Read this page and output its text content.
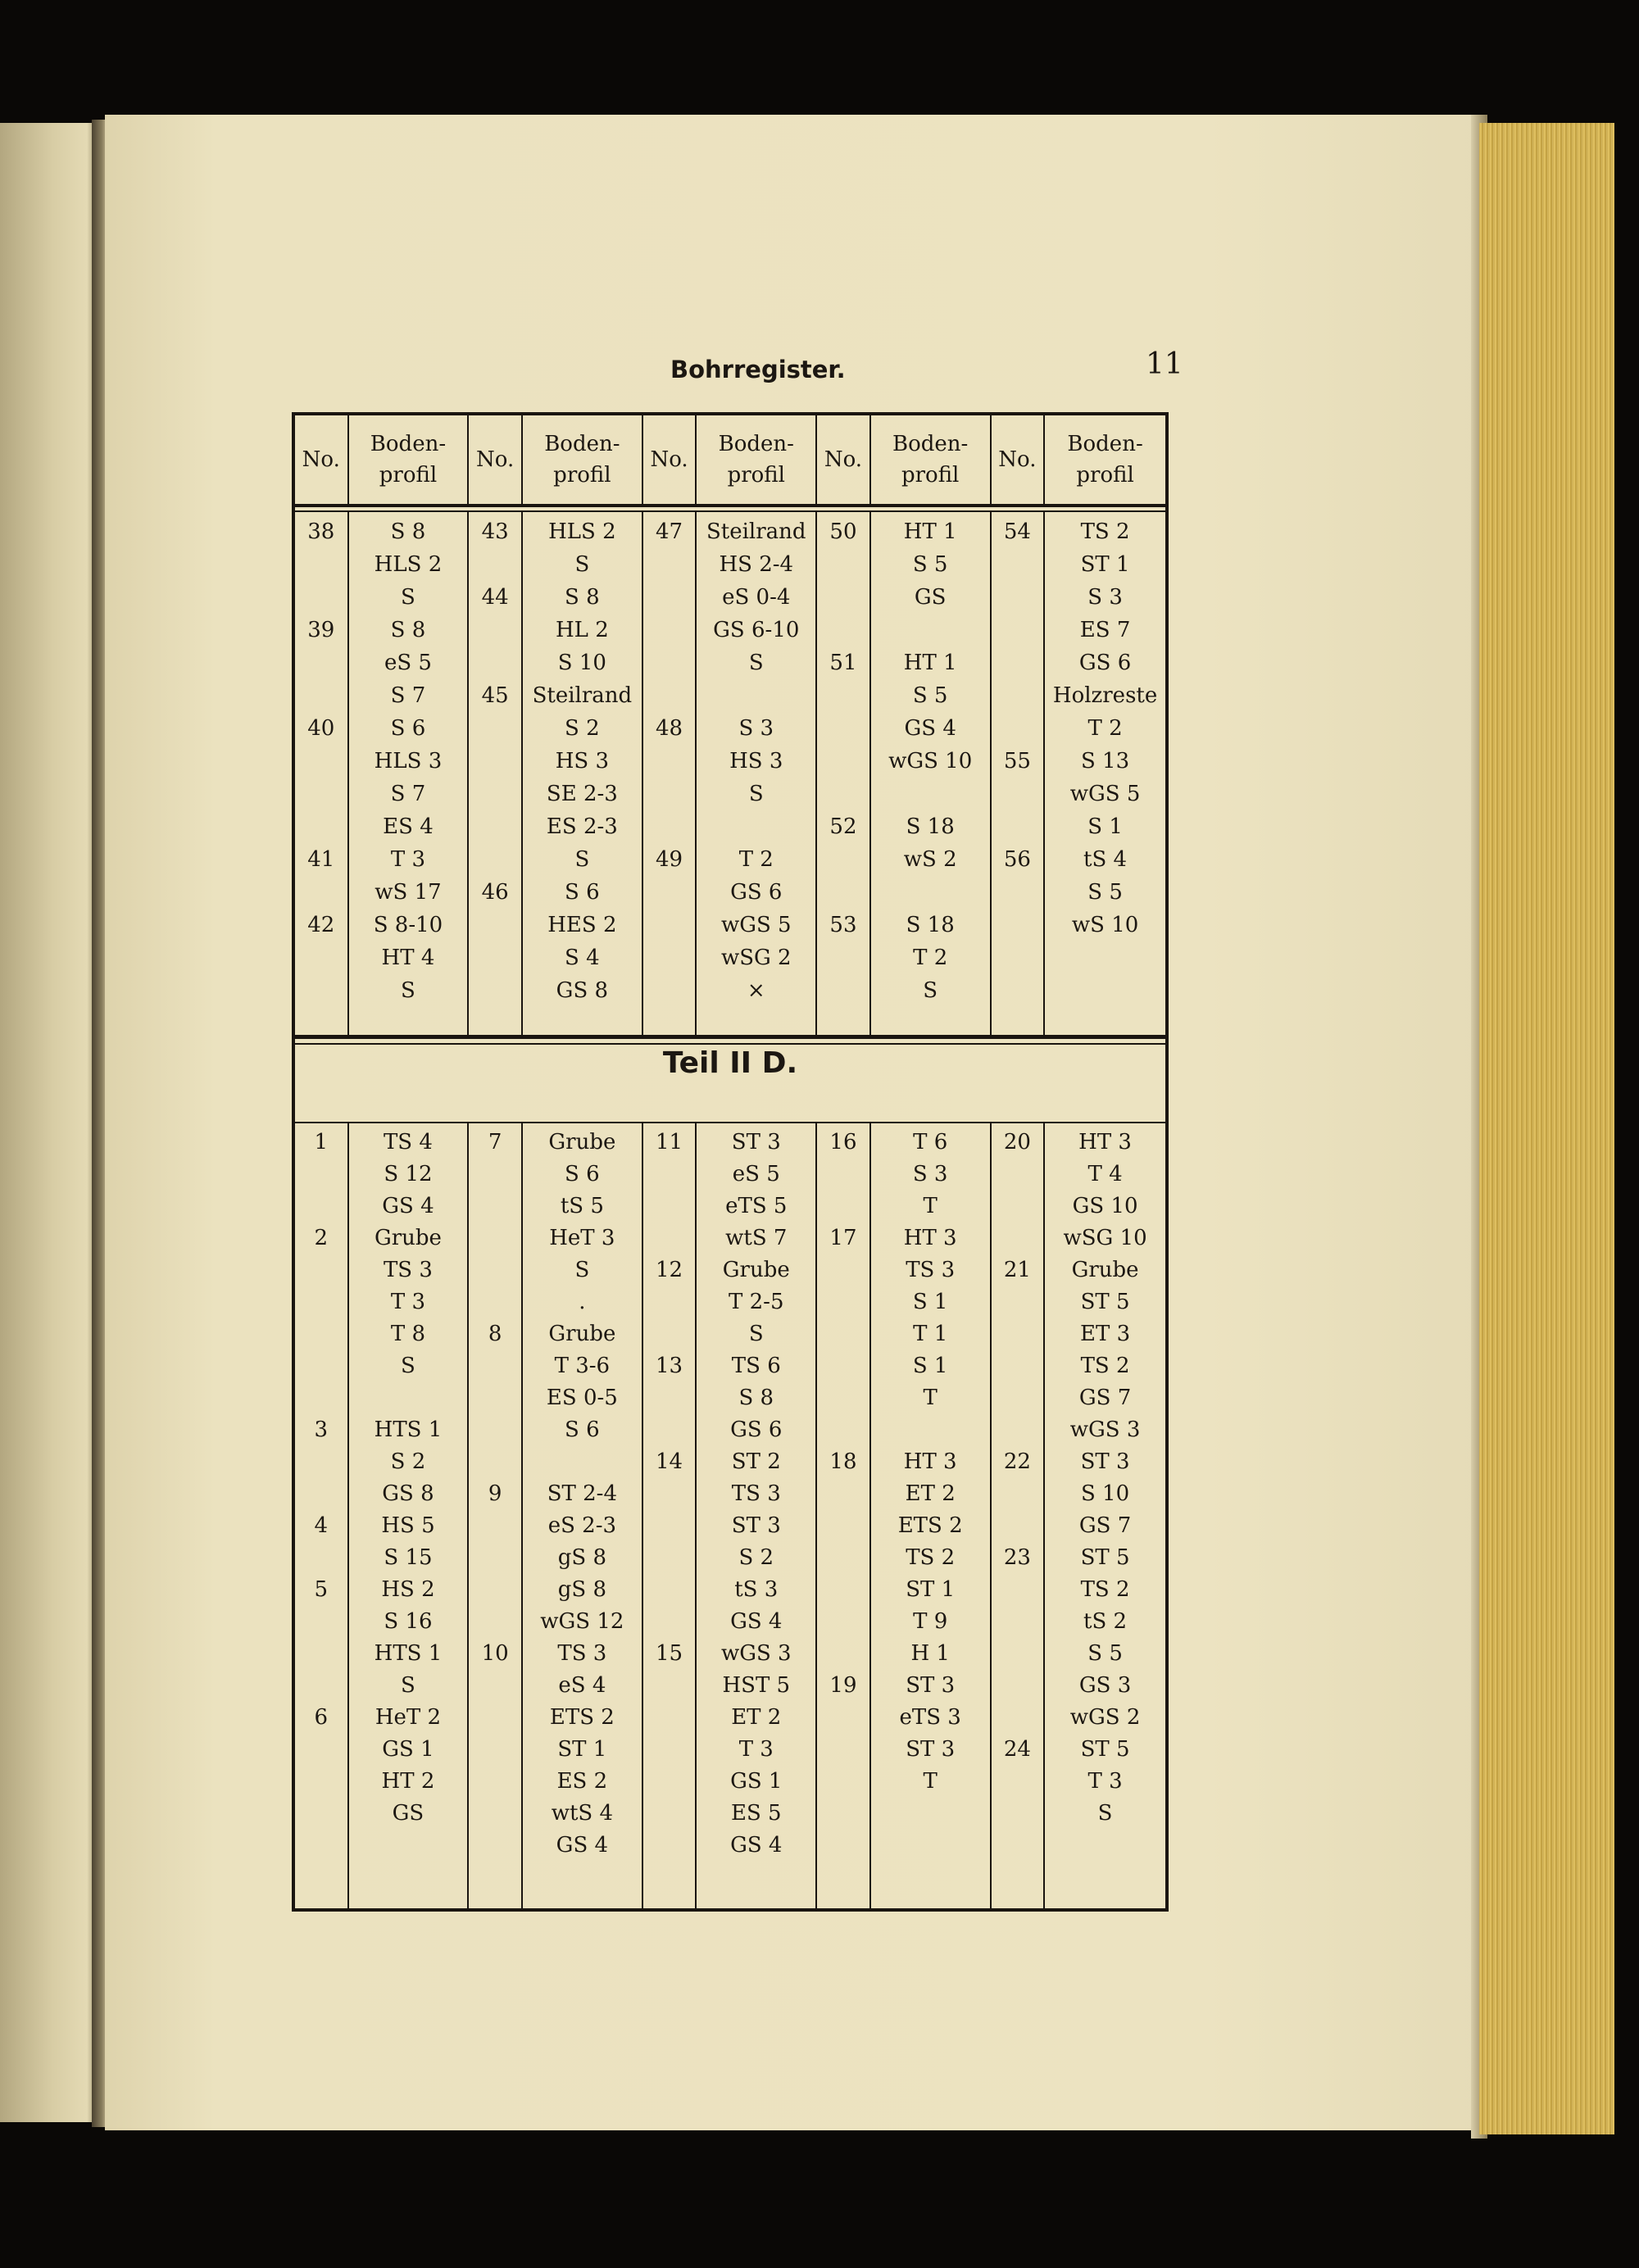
Bohrregister.	11
No.
Boden-
profil
No.
Boden-
profil
No.
Boden-
profil
No.
Boden-
profil
No.
Boden-
profil
38
39
40
41
42
S 8
HLS 2
S
S 8
eS 5
S 7
S 6
HLS 3
S 7
ES 4
T 3
wS 17
S 8-10
HT 4
S
43
44
45
46
HLS 2
S
S 8
HL 2
S 10
Steilrand
S 2
HS 3
SE 2-3
ES 2-3
S
S 6
HES 2
S 4
GS 8
47
48
49
Steilrand
HS 2-4
eS 0-4
GS 6-10
S
S 3
HS 3
S
T 2
GS 6
wGS 5
wSG 2
×
50
51
52
53
HT 1
S 5
GS
HT 1
S 5
GS 4
wGS 10
S 18
wS 2
S 18
T 2
S
54
55
56
TS 2
ST 1
S 3
ES 7
GS 6
Holzreste
T 2
S 13
wGS 5
S 1
tS 4
S 5
wS 10
Teil II D.
1
2
3
4
5
6
TS 4
S 12
GS 4
Grube
TS 3
T 3
T 8
S
HTS 1
S 2
GS 8
HS 5
S 15
HS 2
S 16
HTS 1
S
HeT 2
GS 1
HT 2
GS
7
8
9
10
Grube
S 6
tS 5
HeT 3
S
.
Grube
T 3-6
ES 0-5
S 6
ST 2-4
eS 2-3
gS 8
gS 8
wGS 12
TS 3
eS 4
ETS 2
ST 1
ES 2
wtS 4
GS 4
11
12
13
14
15
ST 3
eS 5
eTS 5
wtS 7
Grube
T 2-5
S
TS 6
S 8
GS 6
ST 2
TS 3
ST 3
S 2
tS 3
GS 4
wGS 3
HST 5
ET 2
T 3
GS 1
ES 5
GS 4
16
17
18
19
T 6
S 3
T
HT 3
TS 3
S 1
T 1
S 1
T
HT 3
ET 2
ETS 2
TS 2
ST 1
T 9
H 1
ST 3
eTS 3
ST 3
T
20
21
22
23
24
HT 3
T 4
GS 10
wSG 10
Grube
ST 5
ET 3
TS 2
GS 7
wGS 3
ST 3
S 10
GS 7
ST 5
TS 2
tS 2
S 5
GS 3
wGS 2
ST 5
T 3
S
